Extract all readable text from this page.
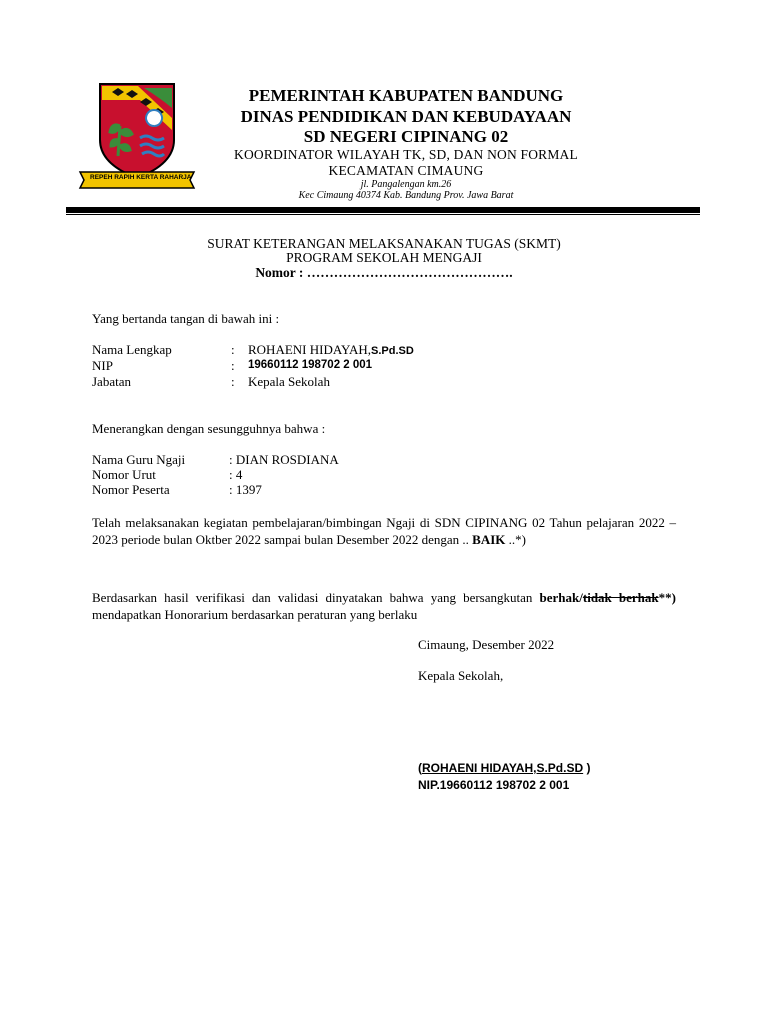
REPEH RAPIH KERTA RAHARJA
PEMERINTAH KABUPATEN BANDUNG
DINAS PENDIDIKAN DAN KEBUDAYAAN
SD NEGERI CIPINANG 02
KOORDINATOR WILAYAH TK, SD, DAN NON FORMAL
KECAMATAN CIMAUNG
jl. Pangalengan km.26
Kec Cimaung 40374 Kab. Bandung Prov. Jawa Barat
SURAT KETERANGAN MELAKSANAKAN TUGAS (SKMT)
PROGRAM SEKOLAH MENGAJI
Nomor : ……………………………………….
Yang bertanda tangan di bawah ini :
Nama Lengkap	: ROHAENI HIDAYAH,S.Pd.SD
NIP	: 19660112 198702 2 001
Jabatan	: Kepala Sekolah
Menerangkan dengan sesungguhnya bahwa :
Nama Guru Ngaji	: DIAN ROSDIANA
Nomor Urut	: 4
Nomor Peserta	: 1397
Telah melaksanakan kegiatan pembelajaran/bimbingan Ngaji di SDN CIPINANG 02 Tahun pelajaran 2022 – 2023 periode bulan Oktber 2022 sampai bulan Desember 2022 dengan .. BAIK ..*)
Berdasarkan hasil verifikasi dan validasi dinyatakan bahwa yang bersangkutan berhak/tidak berhak**) mendapatkan Honorarium berdasarkan peraturan yang berlaku
Cimaung, Desember 2022
Kepala Sekolah,
(ROHAENI HIDAYAH,S.Pd.SD )
NIP.19660112 198702 2 001
